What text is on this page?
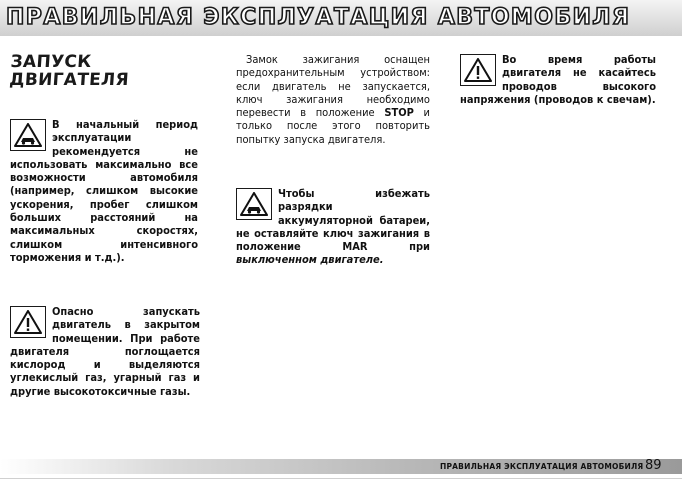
ПРАВИЛЬНАЯ ЭКСПЛУАТАЦИЯ АВТОМОБИЛЯ
ЗАПУСК
ДВИГАТЕЛЯ

В начальный период эксплуатации рекомендуется не использовать максимально все возможности автомобиля (например, слишком высокие ускорения, пробег слишком больших расстояний на максимальных скоростях, слишком интенсивного торможения и т.д.).

Опасно запускать двигатель в закрытом помещении. При работе двигателя поглощается кислород и выделяются углекислый газ, угарный газ и другие высокотоксичные газы.

Замок зажигания оснащен предохранительным устройством: если двигатель не запускается, ключ зажигания необходимо перевести в положение STOP и только после этого повторить попытку запуска двигателя.

Чтобы избежать разрядки аккумуляторной батареи, не оставляйте ключ зажигания в положение MAR при выключенном двигателе.

Во время работы двигателя не касайтесь проводов высокого напряжения (проводов к свечам).

ПРАВИЛЬНАЯ ЭКСПЛУАТАЦИЯ АВТОМОБИЛЯ 89
